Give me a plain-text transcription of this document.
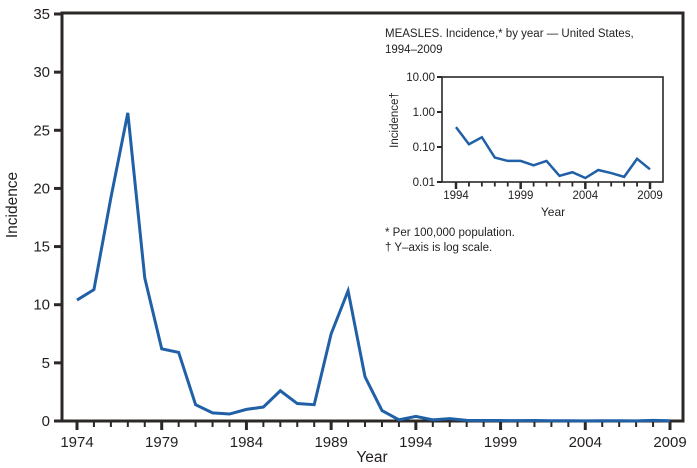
0
5
10
15
20
25
30
35
1974	1979	1984	1989	1994	1999	2004	2009
Year
Incidence
10.00
1.00
0.10
0.01
1994	1999	2004	2009
Year
Incidence†
MEASLES. Incidence,* by year — United States,
1994–2009
* Per 100,000 population.
† Y–axis is log scale.
